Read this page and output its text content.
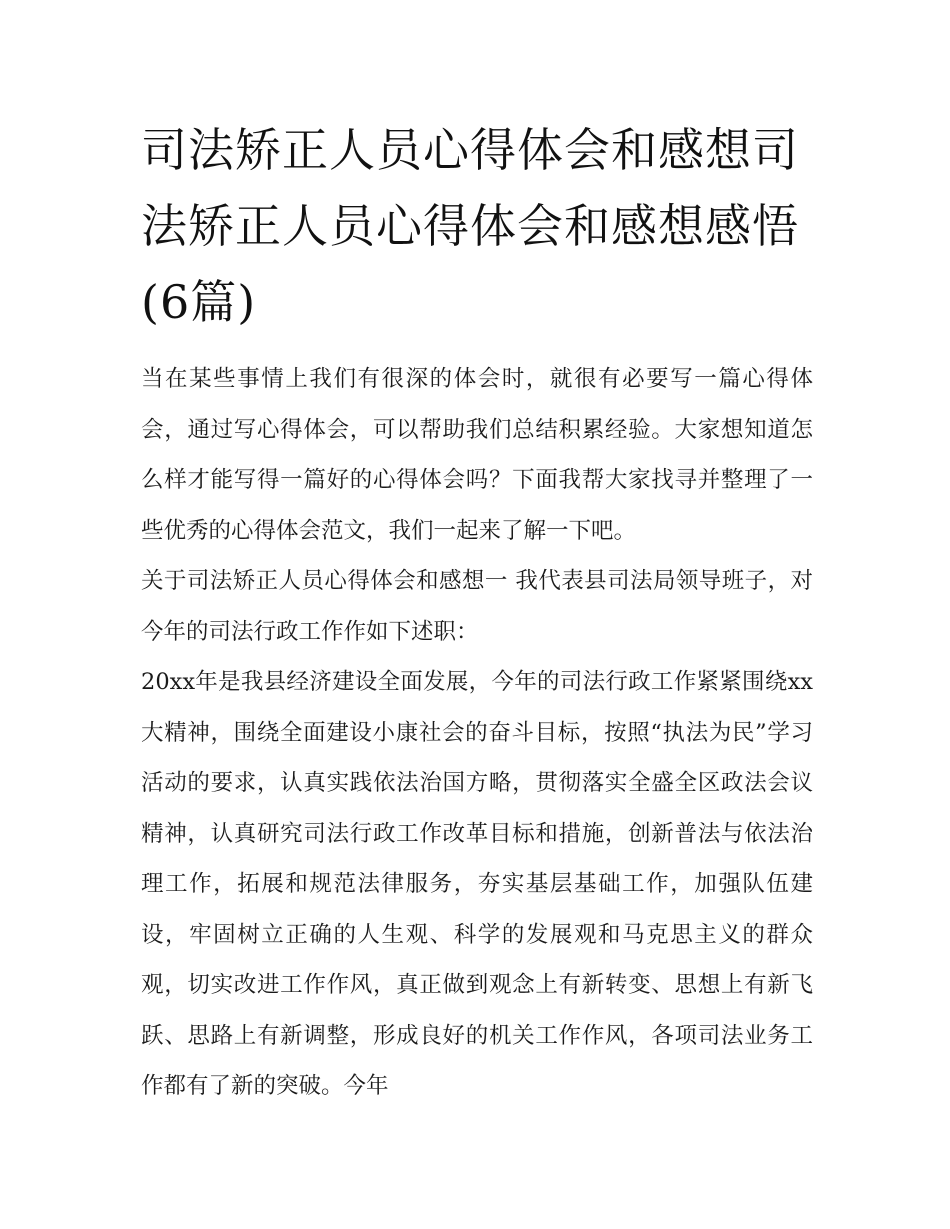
司法矫正人员心得体会和感想司法矫正人员心得体会和感想感悟(6篇)

当在某些事情上我们有很深的体会时，就很有必要写一篇心得体会，通过写心得体会，可以帮助我们总结积累经验。大家想知道怎么样才能写得一篇好的心得体会吗？下面我帮大家找寻并整理了一些优秀的心得体会范文，我们一起来了解一下吧。

关于司法矫正人员心得体会和感想一 我代表县司法局领导班子，对今年的司法行政工作作如下述职：

20xx年是我县经济建设全面发展，今年的司法行政工作紧紧围绕xx大精神，围绕全面建设小康社会的奋斗目标，按照“执法为民”学习活动的要求，认真实践依法治国方略，贯彻落实全盛全区政法会议精神，认真研究司法行政工作改革目标和措施，创新普法与依法治理工作，拓展和规范法律服务，夯实基层基础工作，加强队伍建设，牢固树立正确的人生观、科学的发展观和马克思主义的群众观，切实改进工作作风，真正做到观念上有新转变、思想上有新飞跃、思路上有新调整，形成良好的机关工作作风，各项司法业务工作都有了新的突破。今年
